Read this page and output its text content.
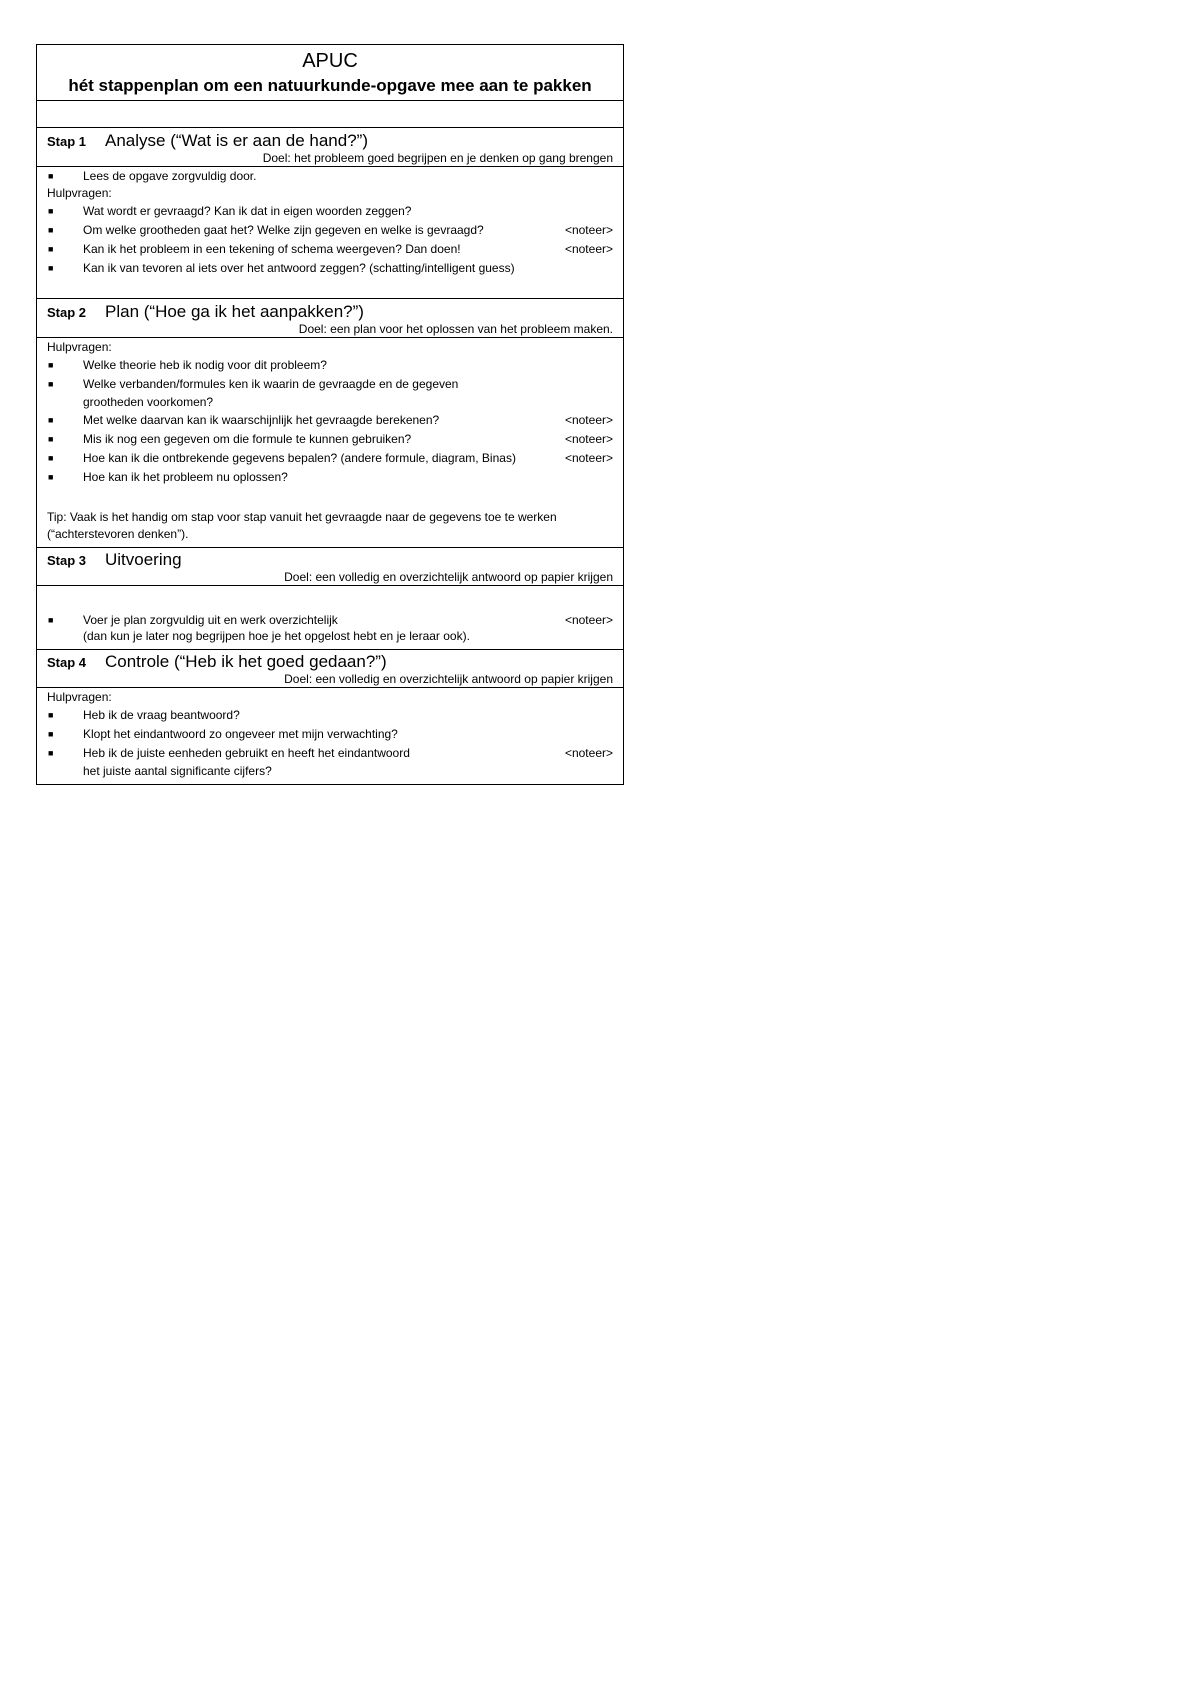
APUC
hét stappenplan om een natuurkunde-opgave mee aan te pakken
Stap 1	Analyse (“Wat is er aan de hand?”)
Doel: het probleem goed begrijpen en je denken op gang brengen
■	Lees de opgave zorgvuldig door.
Hulpvragen:
■	Wat wordt er gevraagd? Kan ik dat in eigen woorden zeggen?
■	Om welke grootheden gaat het? Welke zijn gegeven en welke is gevraagd?	<noteer>
■	Kan ik het probleem in een tekening of schema weergeven? Dan doen!	<noteer>
■	Kan ik van tevoren al iets over het antwoord zeggen? (schatting/intelligent guess)
Stap 2	Plan (“Hoe ga ik het aanpakken?”)
Doel: een plan voor het oplossen van het probleem maken.
Hulpvragen:
■	Welke theorie heb ik nodig voor dit probleem?
■	Welke verbanden/formules ken ik waarin de gevraagde en de gegeven
grootheden voorkomen?
■	Met welke daarvan kan ik waarschijnlijk het gevraagde berekenen?	<noteer>
■	Mis ik nog een gegeven om die formule te kunnen gebruiken?	<noteer>
■	Hoe kan ik die ontbrekende gegevens bepalen? (andere formule, diagram, Binas)	<noteer>
■	Hoe kan ik het probleem nu oplossen?
Tip: Vaak is het handig om stap voor stap vanuit het gevraagde naar de gegevens toe te werken (“achterstevoren denken”).
Stap 3	Uitvoering
Doel: een volledig en overzichtelijk antwoord op papier krijgen
■	Voer je plan zorgvuldig uit en werk overzichtelijk	<noteer>
(dan kun je later nog begrijpen hoe je het opgelost hebt en je leraar ook).
Stap 4	Controle (“Heb ik het goed gedaan?”)
Doel: een volledig en overzichtelijk antwoord op papier krijgen
Hulpvragen:
■	Heb ik de vraag beantwoord?
■	Klopt het eindantwoord zo ongeveer met mijn verwachting?
■	Heb ik de juiste eenheden gebruikt en heeft het eindantwoord	<noteer>
het juiste aantal significante cijfers?
